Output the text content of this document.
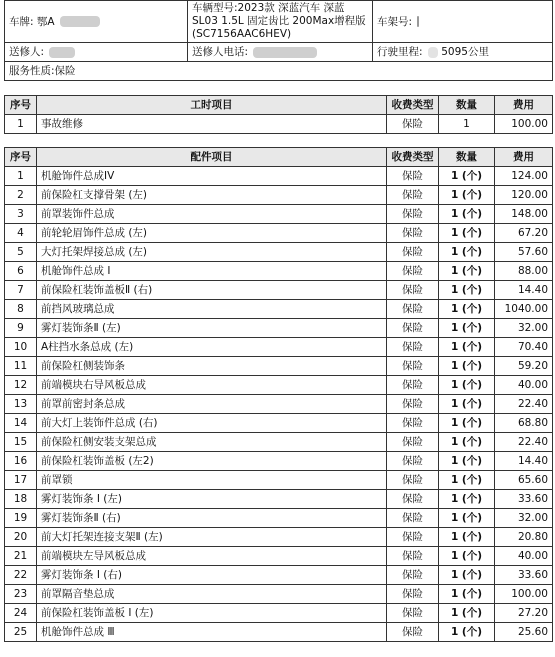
车牌: 鄂A	车辆型号:2023款 深蓝汽车 深蓝SL03 1.5L 固定齿比 200Max增程版 (SC7156AAC6HEV)	车架号:
送修人:	送修人电话:	行驶里程: 5095公里
服务性质:保险		
序号	工时项目	收费类型	数量	费用
1	事故维修	保险	1	100.00
序号	配件项目	收费类型	数量	费用
1	机舱饰件总成IV	保险	1 (个)	124.00
2	前保险杠支撑骨架 (左)	保险	1 (个)	120.00
3	前罩装饰件总成	保险	1 (个)	148.00
4	前轮轮眉饰件总成 (左)	保险	1 (个)	67.20
5	大灯托架焊接总成 (左)	保险	1 (个)	57.60
6	机舱饰件总成 I	保险	1 (个)	88.00
7	前保险杠装饰盖板Ⅱ (右)	保险	1 (个)	14.40
8	前挡风玻璃总成	保险	1 (个)	1040.00
9	雾灯装饰条Ⅱ (左)	保险	1 (个)	32.00
10	A柱挡水条总成 (左)	保险	1 (个)	70.40
11	前保险杠侧装饰条	保险	1 (个)	59.20
12	前端模块右导风板总成	保险	1 (个)	40.00
13	前罩前密封条总成	保险	1 (个)	22.40
14	前大灯上装饰件总成 (右)	保险	1 (个)	68.80
15	前保险杠侧安装支架总成	保险	1 (个)	22.40
16	前保险杠装饰盖板 (左2)	保险	1 (个)	14.40
17	前罩锁	保险	1 (个)	65.60
18	雾灯装饰条 I (左)	保险	1 (个)	33.60
19	雾灯装饰条Ⅱ (右)	保险	1 (个)	32.00
20	前大灯托架连接支架Ⅱ (左)	保险	1 (个)	20.80
21	前端模块左导风板总成	保险	1 (个)	40.00
22	雾灯装饰条 I (右)	保险	1 (个)	33.60
23	前罩隔音垫总成	保险	1 (个)	100.00
24	前保险杠装饰盖板 I (左)	保险	1 (个)	27.20
25	机舱饰件总成 Ⅲ	保险	1 (个)	25.60
